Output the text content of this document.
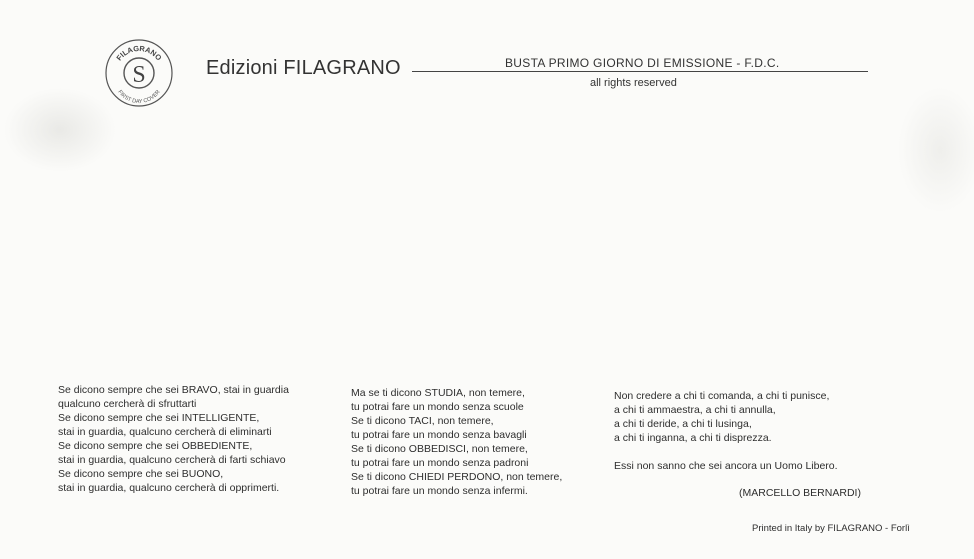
S
FILAGRANO
FIRST DAY COVER
Edizioni FILAGRANO	BUSTA PRIMO GIORNO DI EMISSIONE - F.D.C.
all rights reserved
Se dicono sempre che sei BRAVO, stai in guardia
qualcuno cercherà di sfruttarti
Se dicono sempre che sei INTELLIGENTE,
stai in guardia, qualcuno cercherà di eliminarti
Se dicono sempre che sei OBBEDIENTE,
stai in guardia, qualcuno cercherà di farti schiavo
Se dicono sempre che sei BUONO,
stai in guardia, qualcuno cercherà di opprimerti.
Ma se ti dicono STUDIA, non temere,
tu potrai fare un mondo senza scuole
Se ti dicono TACI, non temere,
tu potrai fare un mondo senza bavagli
Se ti dicono OBBEDISCI, non temere,
tu potrai fare un mondo senza padroni
Se ti dicono CHIEDI PERDONO, non temere,
tu potrai fare un mondo senza infermi.
Non credere a chi ti comanda, a chi ti punisce,
a chi ti ammaestra, a chi ti annulla,
a chi ti deride, a chi ti lusinga,
a chi ti inganna, a chi ti disprezza.
Essi non sanno che sei ancora un Uomo Libero.
(MARCELLO BERNARDI)
Printed in Italy by FILAGRANO - Forlì
